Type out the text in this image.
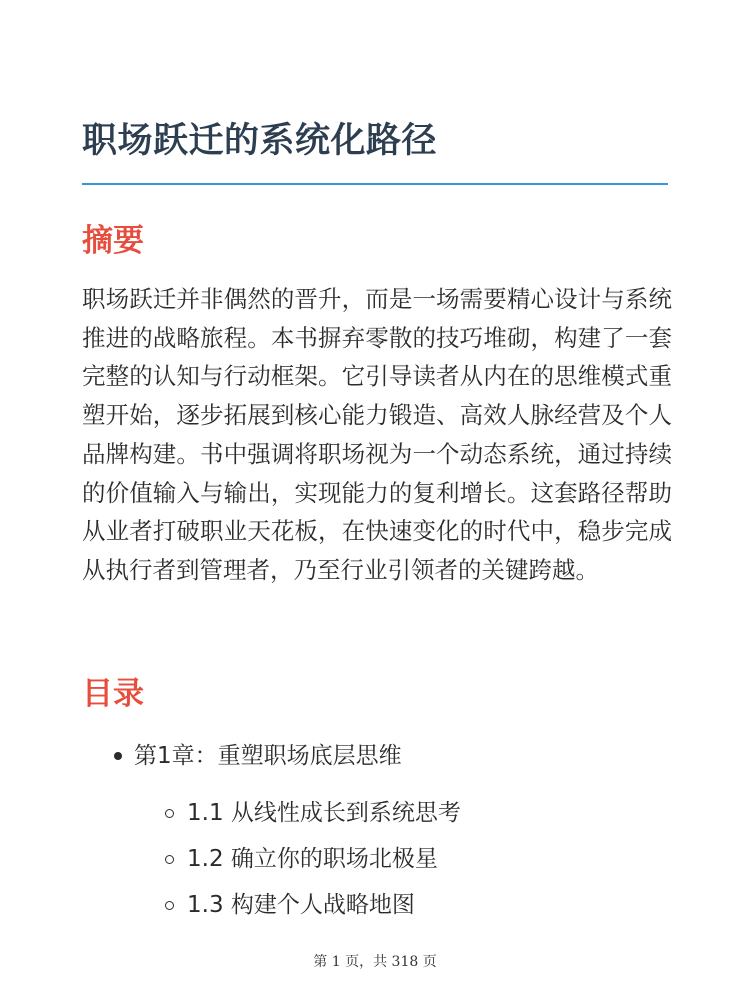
职场跃迁的系统化路径
摘要

职场跃迁并非偶然的晋升，而是一场需要精心设计与系统推进的战略旅程。本书摒弃零散的技巧堆砌，构建了一套完整的认知与行动框架。它引导读者从内在的思维模式重塑开始，逐步拓展到核心能力锻造、高效人脉经营及个人品牌构建。书中强调将职场视为一个动态系统，通过持续的价值输入与输出，实现能力的复利增长。这套路径帮助从业者打破职业天花板，在快速变化的时代中，稳步完成从执行者到管理者，乃至行业引领者的关键跨越。

目录
第1章：重塑职场底层思维
1.1 从线性成长到系统思考
1.2 确立你的职场北极星
1.3 构建个人战略地图
第 1 页，共 318 页
